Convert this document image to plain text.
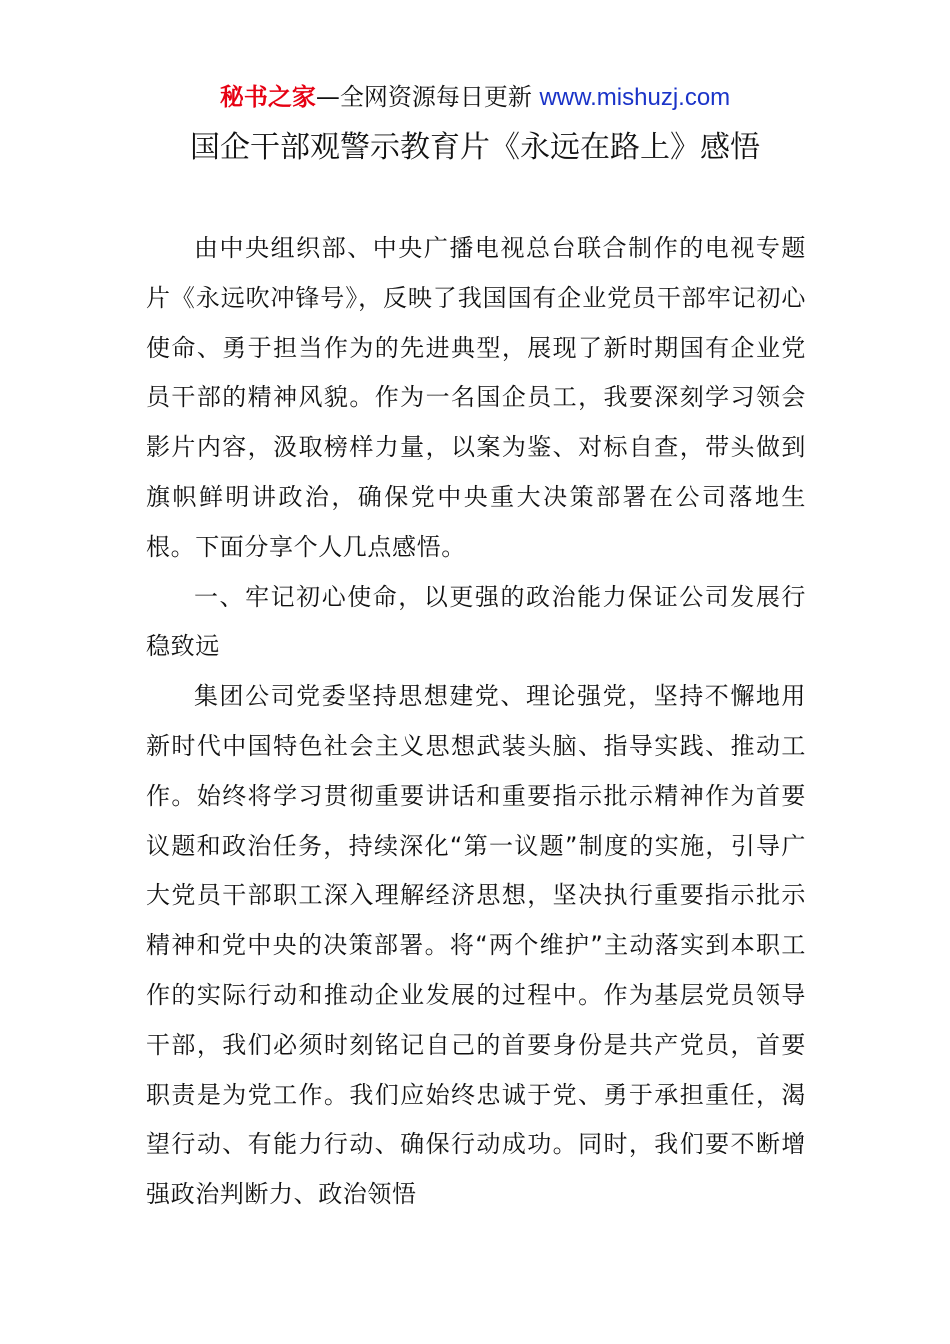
秘书之家—全网资源每日更新 www.mishuzj.com
国企干部观警示教育片《永远在路上》感悟

由中央组织部、中央广播电视总台联合制作的电视专题片《永远吹冲锋号》，反映了我国国有企业党员干部牢记初心使命、勇于担当作为的先进典型，展现了新时期国有企业党员干部的精神风貌。作为一名国企员工，我要深刻学习领会影片内容，汲取榜样力量，以案为鉴、对标自查，带头做到旗帜鲜明讲政治，确保党中央重大决策部署在公司落地生根。下面分享个人几点感悟。

一、牢记初心使命，以更强的政治能力保证公司发展行稳致远

集团公司党委坚持思想建党、理论强党，坚持不懈地用新时代中国特色社会主义思想武装头脑、指导实践、推动工作。始终将学习贯彻重要讲话和重要指示批示精神作为首要议题和政治任务，持续深化“第一议题”制度的实施，引导广大党员干部职工深入理解经济思想，坚决执行重要指示批示精神和党中央的决策部署。将“两个维护”主动落实到本职工作的实际行动和推动企业发展的过程中。作为基层党员领导干部，我们必须时刻铭记自己的首要身份是共产党员，首要职责是为党工作。我们应始终忠诚于党、勇于承担重任，渴望行动、有能力行动、确保行动成功。同时，我们要不断增强政治判断力、政治领悟
